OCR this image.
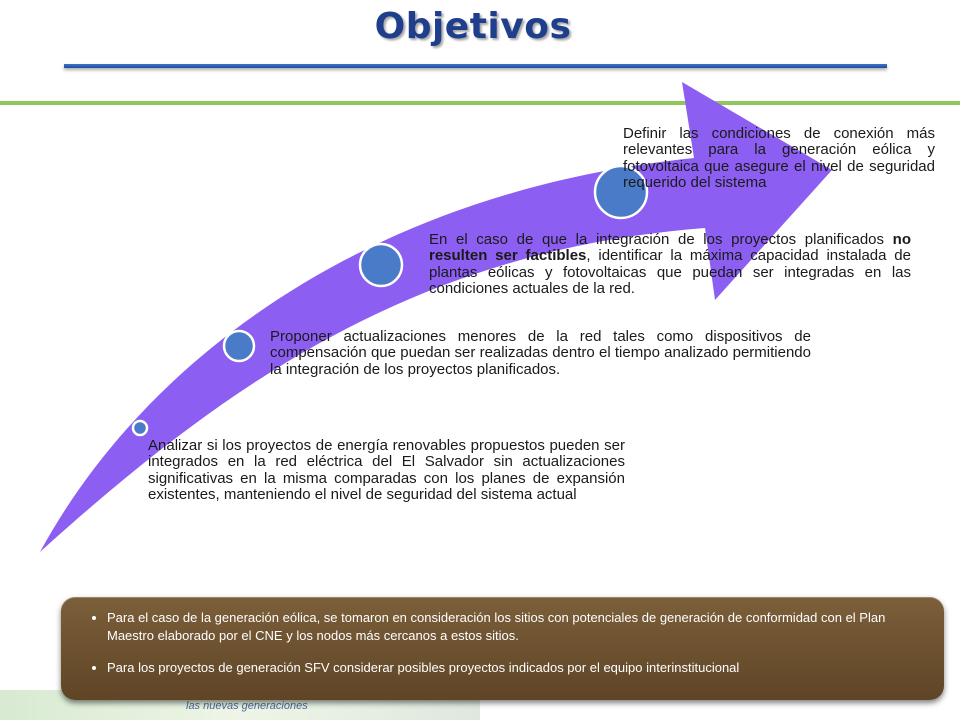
Objetivos
Analizar si los proyectos de energía renovables propuestos pueden ser integrados en la red eléctrica del El Salvador sin actualizaciones significativas en la misma comparadas con los planes de expansión existentes, manteniendo el nivel de seguridad del sistema actual
Proponer actualizaciones menores de la red tales como dispositivos de compensación que puedan ser realizadas dentro el tiempo analizado permitiendo la integración de los proyectos planificados.
En el caso de que la integración de los proyectos planificados no resulten ser factibles, identificar la máxima capacidad instalada de plantas eólicas y fotovoltaicas que puedan ser integradas en las condiciones actuales de la red.
Definir las condiciones de conexión más relevantes para la generación eólica y fotovoltaica que asegure el nivel de seguridad requerido del sistema
las nuevas generaciones
• Para el caso de la generación eólica, se tomaron en consideración los sitios con potenciales de generación de conformidad con el Plan Maestro elaborado por el CNE y los nodos más cercanos a estos sitios.
• Para los proyectos de generación SFV considerar posibles proyectos indicados por el equipo interinstitucional
